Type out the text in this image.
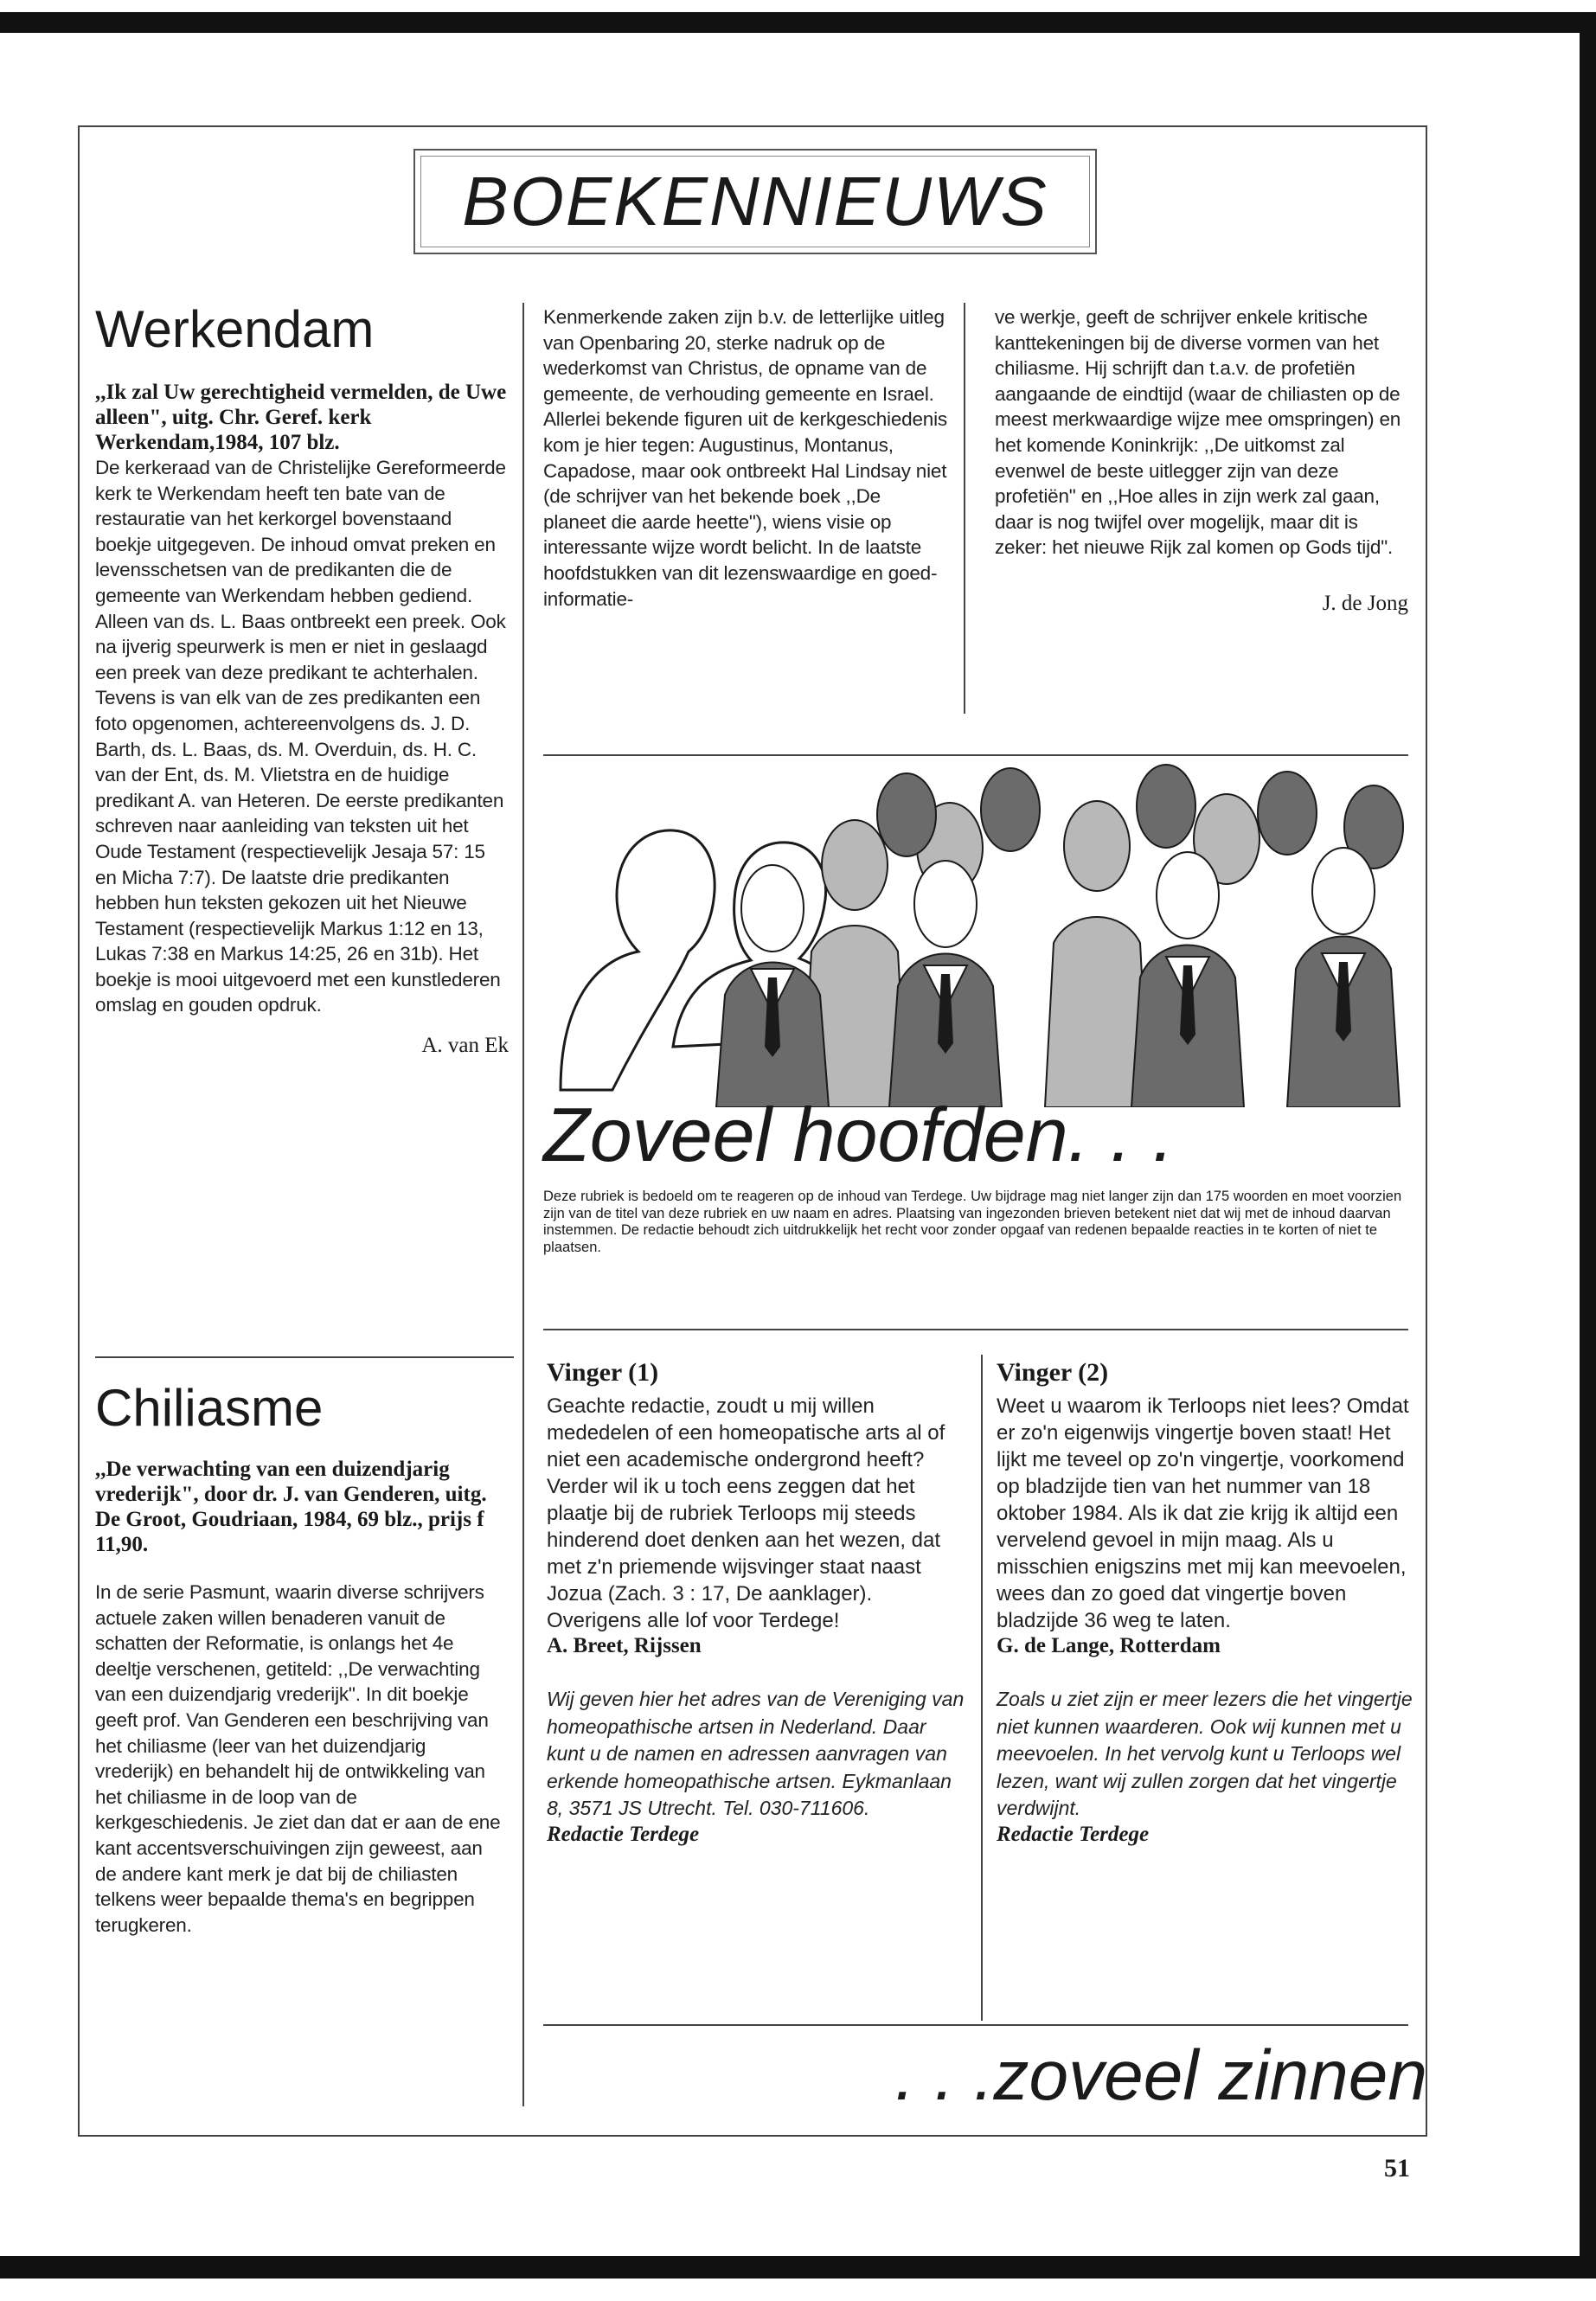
BOEKENNIEUWS
Werkendam

,,Ik zal Uw gerechtigheid vermelden, de Uwe alleen", uitg. Chr. Geref. kerk Werkendam,1984, 107 blz.

De kerkeraad van de Christelijke Gereformeerde kerk te Werkendam heeft ten bate van de restauratie van het kerkorgel bovenstaand boekje uitgegeven. De inhoud omvat preken en levensschetsen van de predikanten die de gemeente van Werkendam hebben gediend. Alleen van ds. L. Baas ontbreekt een preek. Ook na ijverig speurwerk is men er niet in geslaagd een preek van deze predikant te achterhalen. Tevens is van elk van de zes predikanten een foto opgenomen, achtereenvolgens ds. J. D. Barth, ds. L. Baas, ds. M. Overduin, ds. H. C. van der Ent, ds. M. Vlietstra en de huidige predikant A. van Heteren. De eerste predikanten schreven naar aanleiding van teksten uit het Oude Testament (respectievelijk Jesaja 57: 15 en Micha 7:7). De laatste drie predikanten hebben hun teksten gekozen uit het Nieuwe Testament (respectievelijk Markus 1:12 en 13, Lukas 7:38 en Markus 14:25, 26 en 31b). Het boekje is mooi uitgevoerd met een kunstlederen omslag en gouden opdruk.

A. van Ek

Chiliasme

,,De verwachting van een duizendjarig vrederijk", door dr. J. van Genderen, uitg. De Groot, Goudriaan, 1984, 69 blz., prijs f 11,90.

In de serie Pasmunt, waarin diverse schrijvers actuele zaken willen benaderen vanuit de schatten der Reformatie, is onlangs het 4e deeltje verschenen, getiteld: ,,De verwachting van een duizendjarig vrederijk". In dit boekje geeft prof. Van Genderen een beschrijving van het chiliasme (leer van het duizendjarig vrederijk) en behandelt hij de ontwikkeling van het chiliasme in de loop van de kerkgeschiedenis. Je ziet dan dat er aan de ene kant accentsverschuivingen zijn geweest, aan de andere kant merk je dat bij de chiliasten telkens weer bepaalde thema's en begrippen terugkeren.

Kenmerkende zaken zijn b.v. de letterlijke uitleg van Openbaring 20, sterke nadruk op de wederkomst van Christus, de opname van de gemeente, de verhouding gemeente en Israel. Allerlei bekende figuren uit de kerkgeschiedenis kom je hier tegen: Augustinus, Montanus, Capadose, maar ook ontbreekt Hal Lindsay niet (de schrijver van het bekende boek ,,De planeet die aarde heette"), wiens visie op interessante wijze wordt belicht. In de laatste hoofdstukken van dit lezenswaardige en goed-informatie-

ve werkje, geeft de schrijver enkele kritische kanttekeningen bij de diverse vormen van het chiliasme. Hij schrijft dan t.a.v. de profetiën aangaande de eindtijd (waar de chiliasten op de meest merkwaardige wijze mee omspringen) en het komende Koninkrijk: ,,De uitkomst zal evenwel de beste uitlegger zijn van deze profetiën" en ,,Hoe alles in zijn werk zal gaan, daar is nog twijfel over mogelijk, maar dit is zeker: het nieuwe Rijk zal komen op Gods tijd".

J. de Jong

Zoveel hoofden. . .

Deze rubriek is bedoeld om te reageren op de inhoud van Terdege. Uw bijdrage mag niet langer zijn dan 175 woorden en moet voorzien zijn van de titel van deze rubriek en uw naam en adres. Plaatsing van ingezonden brieven betekent niet dat wij met de inhoud daarvan instemmen. De redactie behoudt zich uitdrukkelijk het recht voor zonder opgaaf van redenen bepaalde reacties in te korten of niet te plaatsen.

Vinger (1)

Geachte redactie, zoudt u mij willen mededelen of een homeopatische arts al of niet een academische ondergrond heeft? Verder wil ik u toch eens zeggen dat het plaatje bij de rubriek Terloops mij steeds hinderend doet denken aan het wezen, dat met z'n priemende wijsvinger staat naast Jozua (Zach. 3 : 17, De aanklager). Overigens alle lof voor Terdege!

A. Breet, Rijssen

Wij geven hier het adres van de Vereniging van homeopathische artsen in Nederland. Daar kunt u de namen en adressen aanvragen van erkende homeopathische artsen. Eykmanlaan 8, 3571 JS Utrecht. Tel. 030-711606.

Redactie Terdege

Vinger (2)

Weet u waarom ik Terloops niet lees? Omdat er zo'n eigenwijs vingertje boven staat! Het lijkt me teveel op zo'n vingertje, voorkomend op bladzijde tien van het nummer van 18 oktober 1984. Als ik dat zie krijg ik altijd een vervelend gevoel in mijn maag. Als u misschien enigszins met mij kan meevoelen, wees dan zo goed dat vingertje boven bladzijde 36 weg te laten.

G. de Lange, Rotterdam

Zoals u ziet zijn er meer lezers die het vingertje niet kunnen waarderen. Ook wij kunnen met u meevoelen. In het vervolg kunt u Terloops wel lezen, want wij zullen zorgen dat het vingertje verdwijnt.

Redactie Terdege

. . .zoveel zinnen

51
